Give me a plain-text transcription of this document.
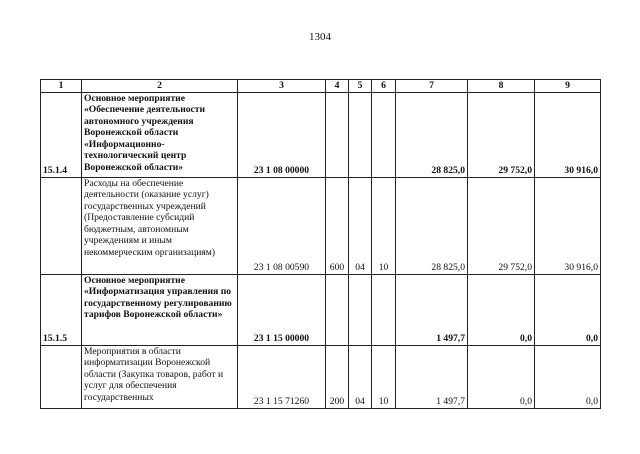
1304
1	2	3	4	5	6	7	8	9
15.1.4	Основное мероприятие «Обеспечение деятельности автономного учреждения Воронежской области «Информационно-технологический центр Воронежской области»	23 1 08 00000				28 825,0	29 752,0	30 916,0
	Расходы на обеспечение деятельности (оказание услуг) государственных учреждений (Предоставление субсидий бюджетным, автономным учреждениям и иным некоммерческим организациям)	23 1 08 00590	600	04	10	28 825,0	29 752,0	30 916,0
15.1.5	Основное мероприятие «Информатизация управления по государственному регулированию тарифов Воронежской области»	23 1 15 00000				1 497,7	0,0	0,0
	Мероприятия в области информатизации Воронежской области (Закупка товаров, работ и услуг для обеспечения государственных	23 1 15 71260	200	04	10	1 497,7	0,0	0,0
